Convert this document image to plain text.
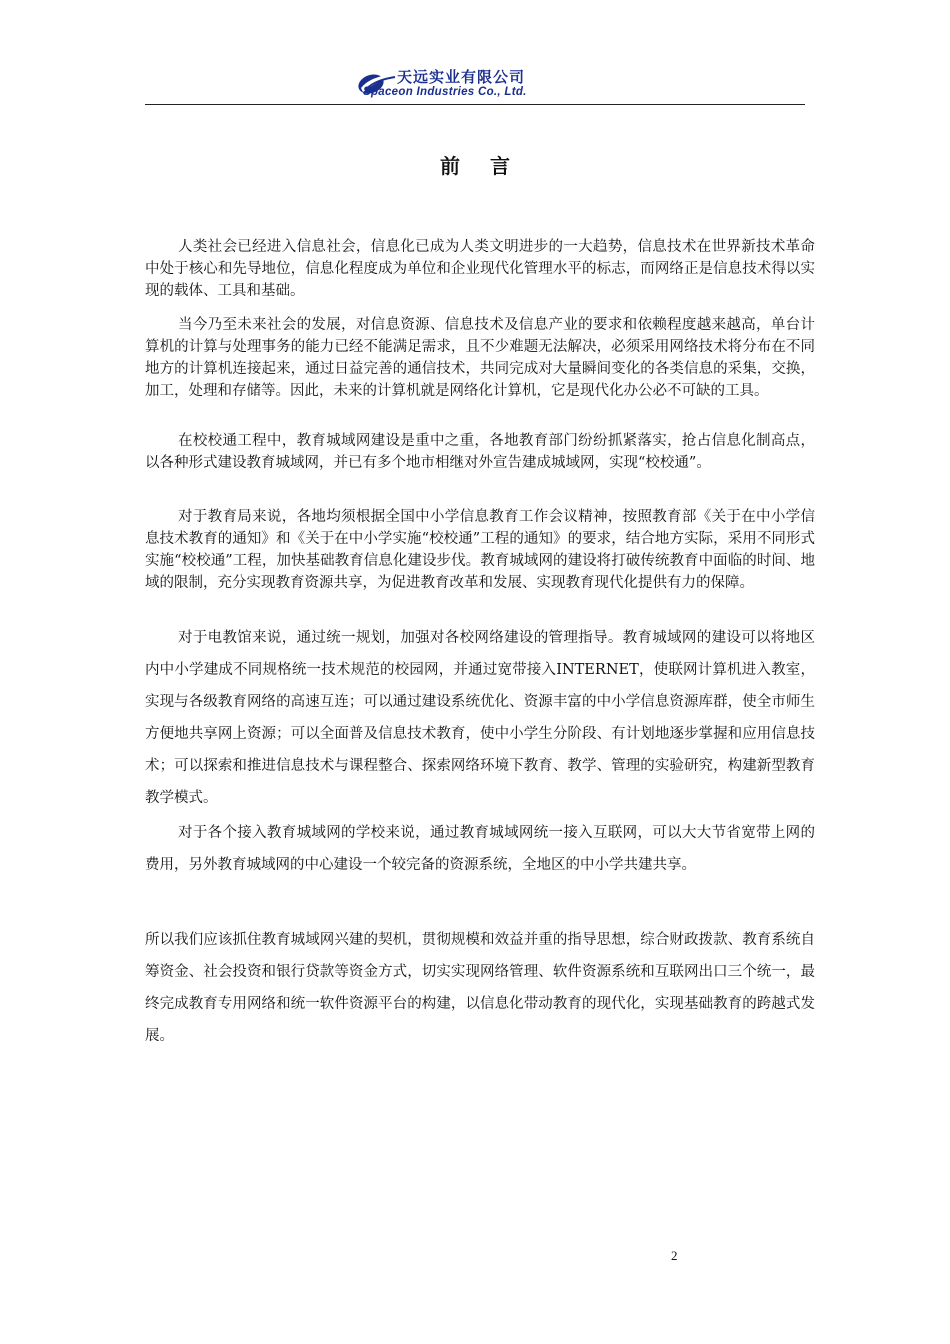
天远实业有限公司
Spaceon Industries Co., Ltd.
前言

人类社会已经进入信息社会，信息化已成为人类文明进步的一大趋势，信息技术在世界新技术革命中处于核心和先导地位，信息化程度成为单位和企业现代化管理水平的标志，而网络正是信息技术得以实现的载体、工具和基础。

当今乃至未来社会的发展，对信息资源、信息技术及信息产业的要求和依赖程度越来越高，单台计算机的计算与处理事务的能力已经不能满足需求，且不少难题无法解决，必须采用网络技术将分布在不同地方的计算机连接起来，通过日益完善的通信技术，共同完成对大量瞬间变化的各类信息的采集，交换，加工，处理和存储等。因此，未来的计算机就是网络化计算机，它是现代化办公必不可缺的工具。

在校校通工程中，教育城域网建设是重中之重，各地教育部门纷纷抓紧落实，抢占信息化制高点，以各种形式建设教育城域网，并已有多个地市相继对外宣告建成城域网，实现“校校通”。

对于教育局来说，各地均须根据全国中小学信息教育工作会议精神，按照教育部《关于在中小学信息技术教育的通知》和《关于在中小学实施“校校通”工程的通知》的要求，结合地方实际，采用不同形式实施“校校通”工程，加快基础教育信息化建设步伐。教育城域网的建设将打破传统教育中面临的时间、地域的限制，充分实现教育资源共享，为促进教育改革和发展、实现教育现代化提供有力的保障。

对于电教馆来说，通过统一规划，加强对各校网络建设的管理指导。教育城域网的建设可以将地区内中小学建成不同规格统一技术规范的校园网，并通过宽带接入INTERNET，使联网计算机进入教室，实现与各级教育网络的高速互连；可以通过建设系统优化、资源丰富的中小学信息资源库群，使全市师生方便地共享网上资源；可以全面普及信息技术教育，使中小学生分阶段、有计划地逐步掌握和应用信息技术；可以探索和推进信息技术与课程整合、探索网络环境下教育、教学、管理的实验研究，构建新型教育教学模式。

对于各个接入教育城域网的学校来说，通过教育城域网统一接入互联网，可以大大节省宽带上网的费用，另外教育城域网的中心建设一个较完备的资源系统，全地区的中小学共建共享。

所以我们应该抓住教育城域网兴建的契机，贯彻规模和效益并重的指导思想，综合财政拨款、教育系统自筹资金、社会投资和银行贷款等资金方式，切实实现网络管理、软件资源系统和互联网出口三个统一，最终完成教育专用网络和统一软件资源平台的构建，以信息化带动教育的现代化，实现基础教育的跨越式发展。

2
